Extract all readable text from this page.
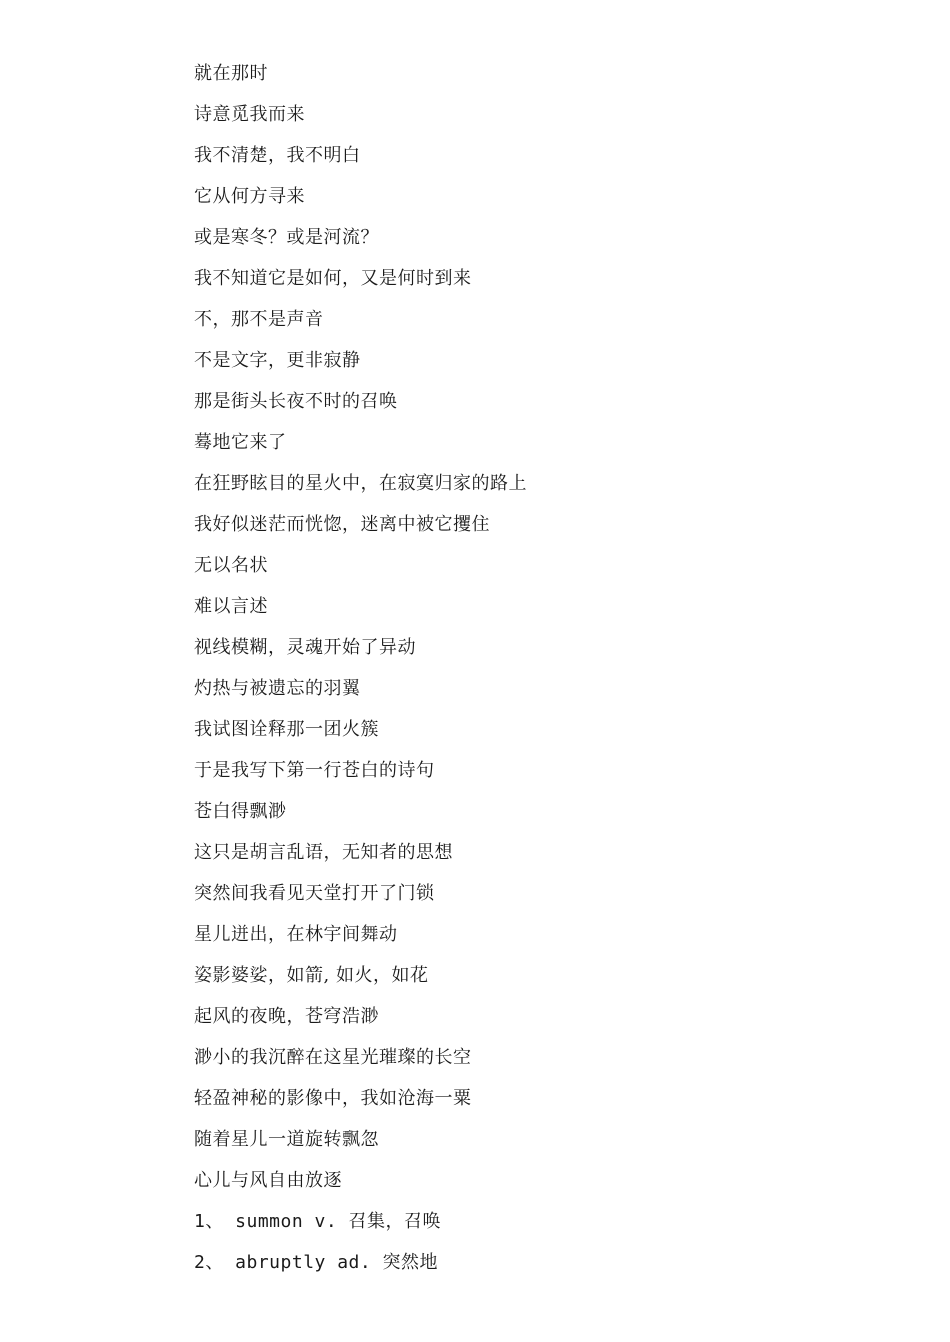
就在那时
诗意觅我而来
我不清楚，我不明白
它从何方寻来
或是寒冬？或是河流？
我不知道它是如何，又是何时到来
不，那不是声音
不是文字，更非寂静
那是街头长夜不时的召唤
蓦地它来了
在狂野眩目的星火中，在寂寞归家的路上
我好似迷茫而恍惚，迷离中被它攫住
无以名状
难以言述
视线模糊，灵魂开始了异动
灼热与被遗忘的羽翼
我试图诠释那一团火簇
于是我写下第一行苍白的诗句
苍白得飘渺
这只是胡言乱语，无知者的思想
突然间我看见天堂打开了门锁
星儿迸出，在林宇间舞动
姿影婆娑，如箭, 如火，如花
起风的夜晚，苍穹浩渺
渺小的我沉醉在这星光璀璨的长空
轻盈神秘的影像中，我如沧海一粟
随着星儿一道旋转飘忽
心儿与风自由放逐
1、 summon v. 召集，召唤
2、 abruptly ad. 突然地
